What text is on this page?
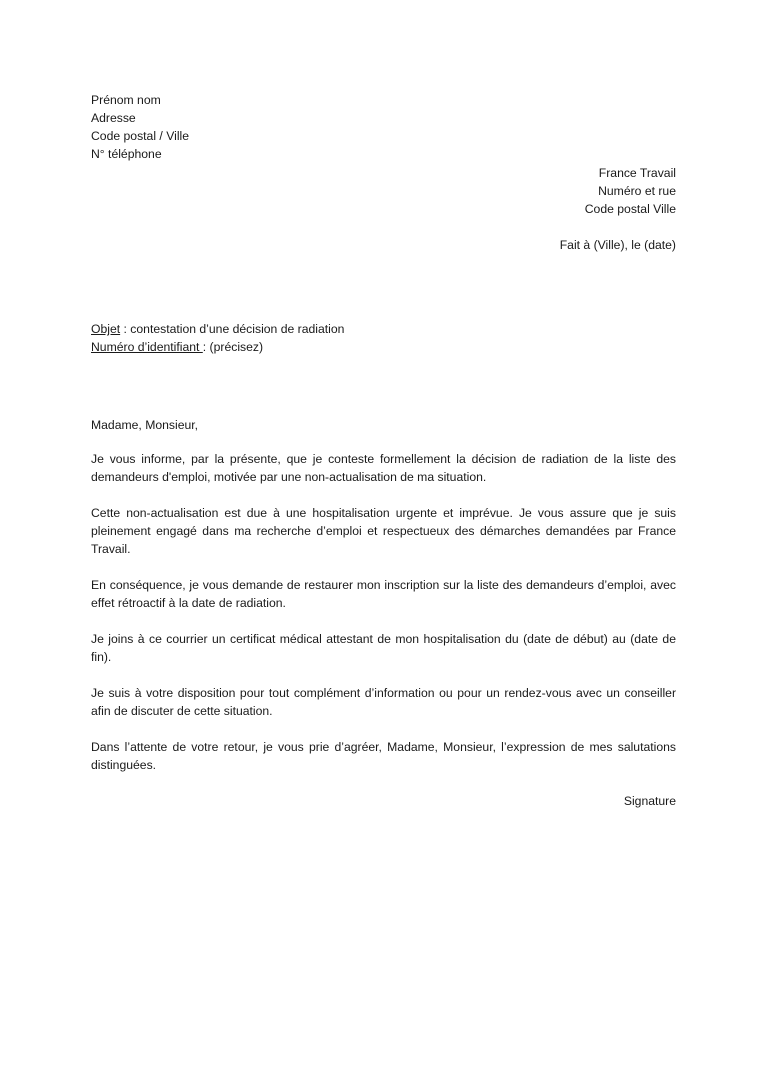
Prénom nom
Adresse
Code postal / Ville
N° téléphone
France Travail
Numéro et rue
Code postal Ville
Fait à (Ville), le (date)
Objet : contestation d’une décision de radiation
Numéro d’identifiant : (précisez)

Madame, Monsieur,

Je vous informe, par la présente, que je conteste formellement la décision de radiation de la liste des demandeurs d'emploi, motivée par une non-actualisation de ma situation.

Cette non-actualisation est due à une hospitalisation urgente et imprévue. Je vous assure que je suis pleinement engagé dans ma recherche d’emploi et respectueux des démarches demandées par France Travail.

En conséquence, je vous demande de restaurer mon inscription sur la liste des demandeurs d’emploi, avec effet rétroactif à la date de radiation.

Je joins à ce courrier un certificat médical attestant de mon hospitalisation du (date de début) au (date de fin).

Je suis à votre disposition pour tout complément d’information ou pour un rendez-vous avec un conseiller afin de discuter de cette situation.

Dans l’attente de votre retour, je vous prie d’agréer, Madame, Monsieur, l’expression de mes salutations distinguées.

Signature
